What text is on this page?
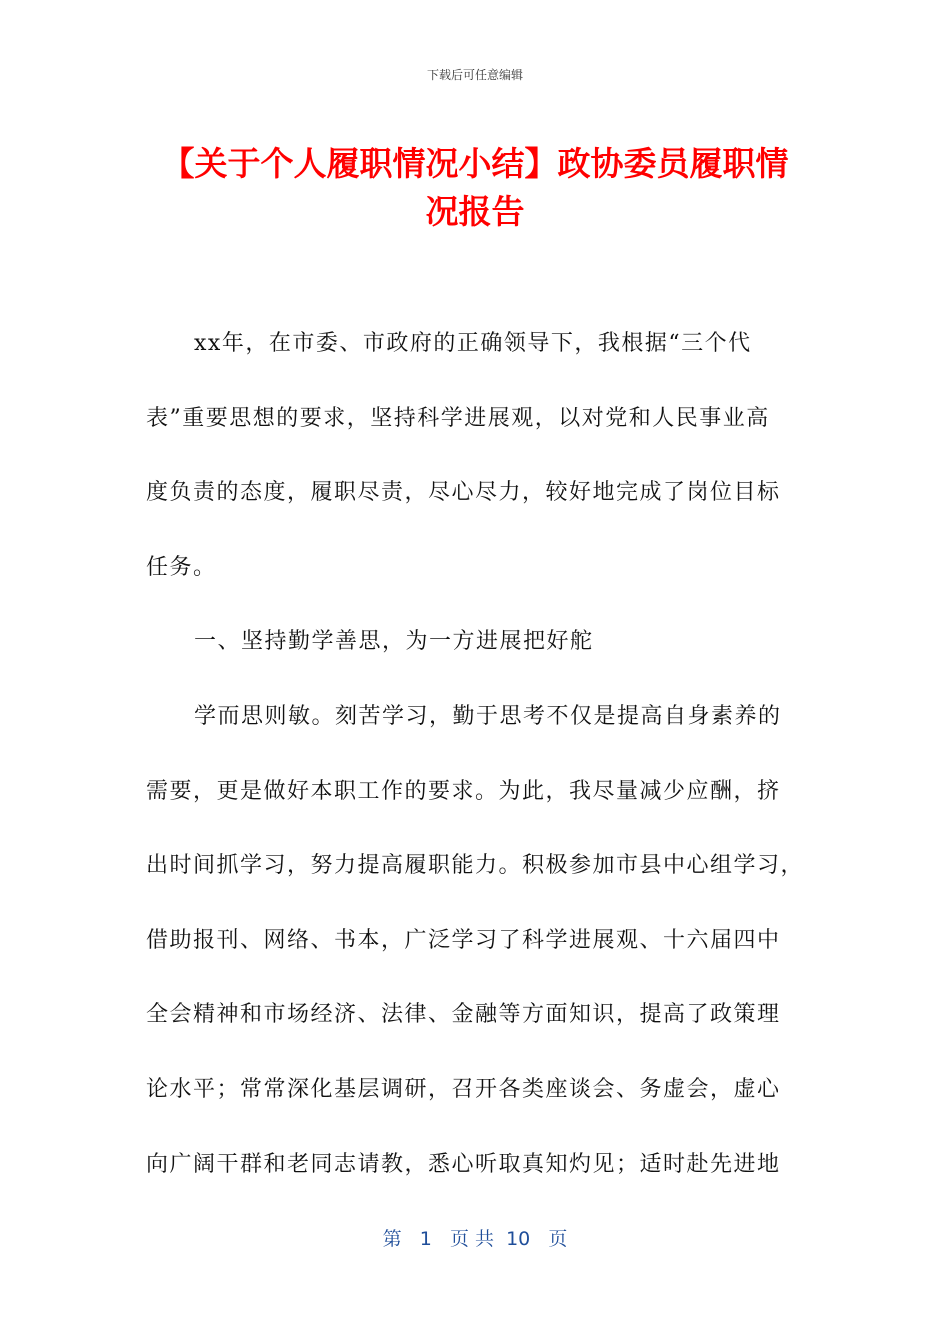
下载后可任意编辑
【关于个人履职情况小结】政协委员履职情
况报告
xx年，在市委、市政府的正确领导下，我根据“三个代
表”重要思想的要求，坚持科学进展观，以对党和人民事业高
度负责的态度，履职尽责，尽心尽力，较好地完成了岗位目标
任务。
一、坚持勤学善思，为一方进展把好舵
学而思则敏。刻苦学习，勤于思考不仅是提高自身素养的
需要，更是做好本职工作的要求。为此，我尽量减少应酬，挤
出时间抓学习，努力提高履职能力。积极参加市县中心组学习，
借助报刊、网络、书本，广泛学习了科学进展观、十六届四中
全会精神和市场经济、法律、金融等方面知识，提高了政策理
论水平；常常深化基层调研，召开各类座谈会、务虚会，虚心
向广阔干群和老同志请教，悉心听取真知灼见；适时赴先进地
第 1 页 共 10 页
